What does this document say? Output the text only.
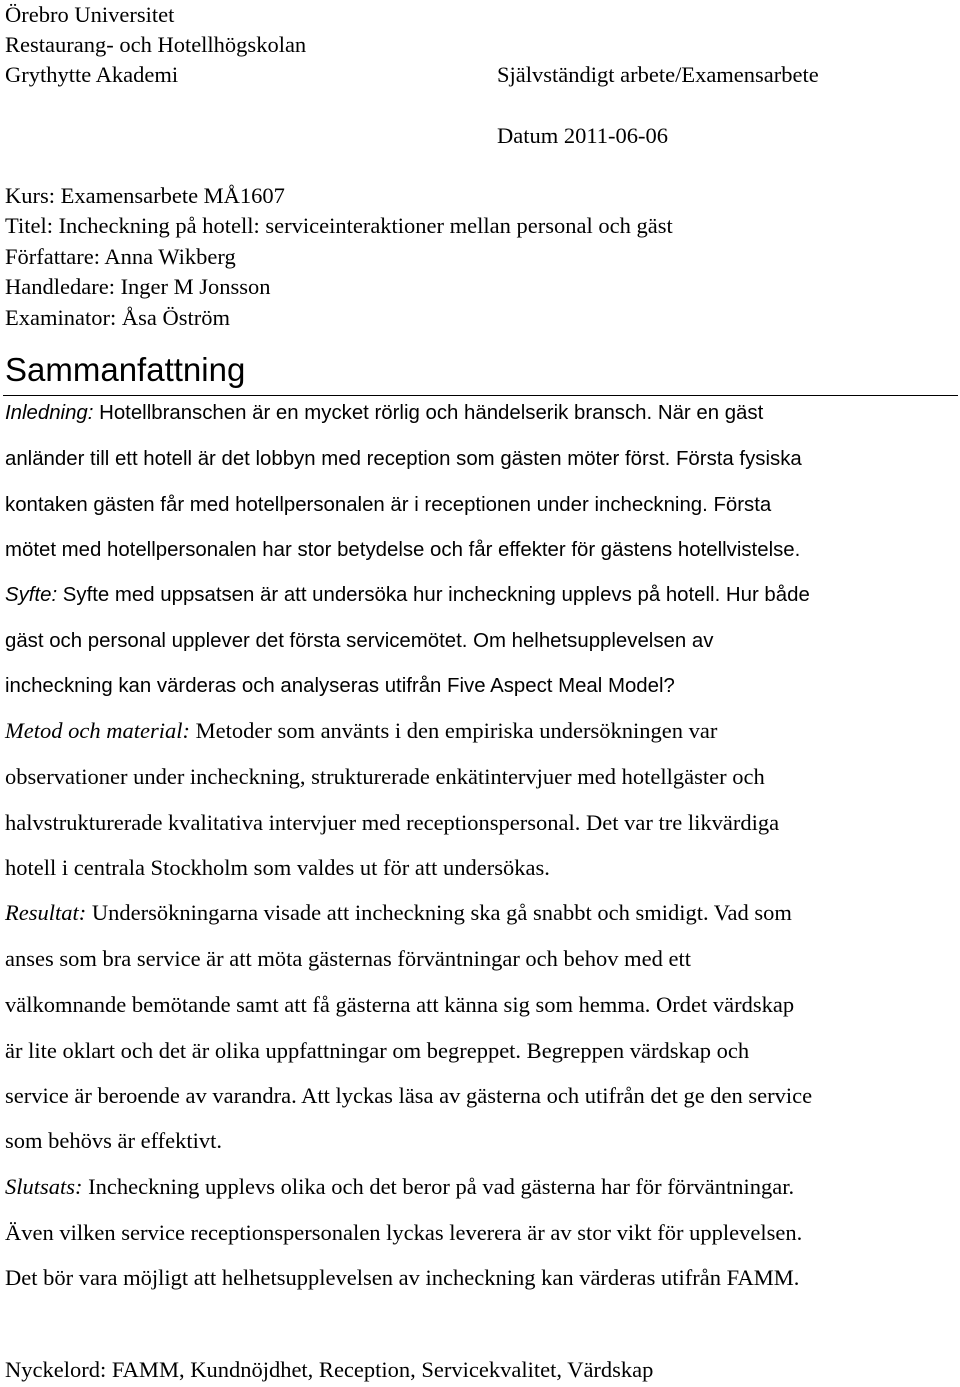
Örebro Universitet
Restaurang- och Hotellhögskolan
Grythytte Akademi	Självständigt arbete/Examensarbete
Datum 2011-06-06
Kurs: Examensarbete MÅ1607
Titel: Incheckning på hotell: serviceinteraktioner mellan personal och gäst
Författare: Anna Wikberg
Handledare: Inger M Jonsson
Examinator: Åsa Öström
Sammanfattning
Inledning: Hotellbranschen är en mycket rörlig och händelserik bransch. När en gäst
anländer till ett hotell är det lobbyn med reception som gästen möter först. Första fysiska
kontaken gästen får med hotellpersonalen är i receptionen under incheckning. Första
mötet med hotellpersonalen har stor betydelse och får effekter för gästens hotellvistelse.
Syfte: Syfte med uppsatsen är att undersöka hur incheckning upplevs på hotell. Hur både
gäst och personal upplever det första servicemötet. Om helhetsupplevelsen av
incheckning kan värderas och analyseras utifrån Five Aspect Meal Model?
Metod och material: Metoder som använts i den empiriska undersökningen var
observationer under incheckning, strukturerade enkätintervjuer med hotellgäster och
halvstrukturerade kvalitativa intervjuer med receptionspersonal. Det var tre likvärdiga
hotell i centrala Stockholm som valdes ut för att undersökas.
Resultat: Undersökningarna visade att incheckning ska gå snabbt och smidigt. Vad som
anses som bra service är att möta gästernas förväntningar och behov med ett
välkomnande bemötande samt att få gästerna att känna sig som hemma. Ordet värdskap
är lite oklart och det är olika uppfattningar om begreppet. Begreppen värdskap och
service är beroende av varandra. Att lyckas läsa av gästerna och utifrån det ge den service
som behövs är effektivt.
Slutsats: Incheckning upplevs olika och det beror på vad gästerna har för förväntningar.
Även vilken service receptionspersonalen lyckas leverera är av stor vikt för upplevelsen.
Det bör vara möjligt att helhetsupplevelsen av incheckning kan värderas utifrån FAMM.
Nyckelord: FAMM, Kundnöjdhet, Reception, Servicekvalitet, Värdskap
